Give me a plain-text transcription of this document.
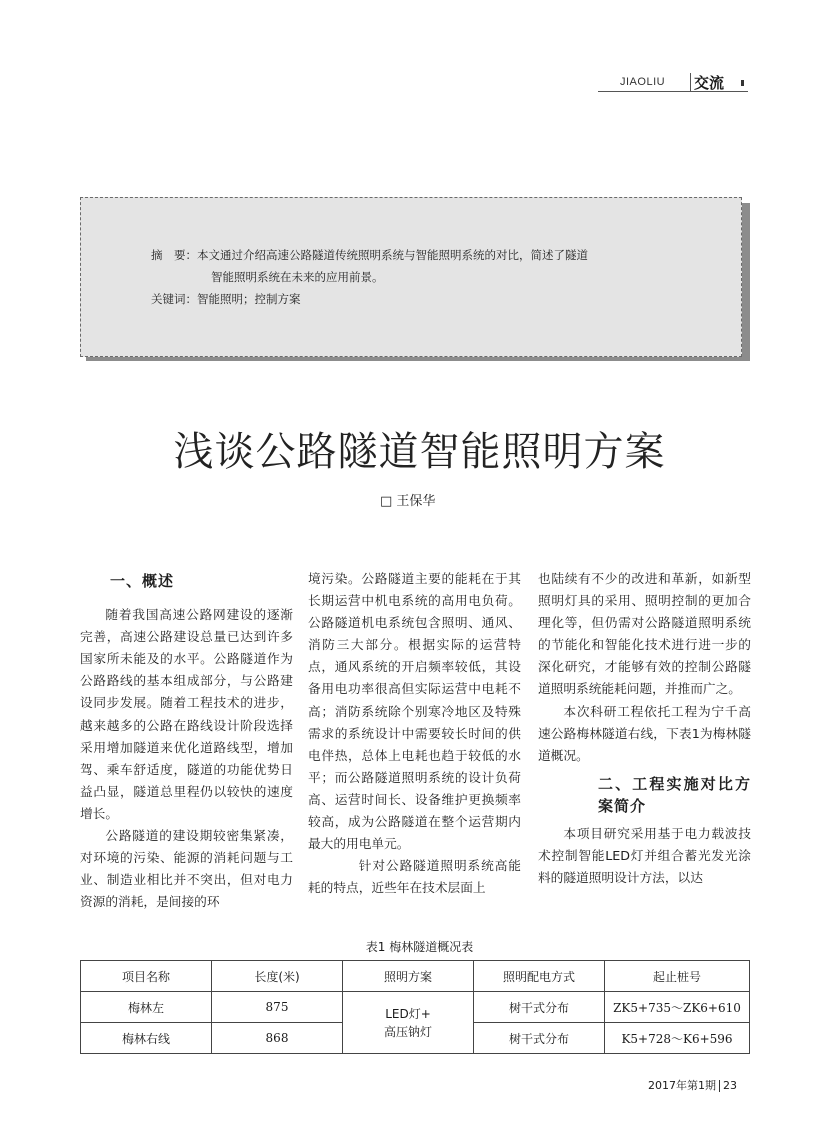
JIAOLIU 交流
摘　要：本文通过介绍高速公路隧道传统照明系统与智能照明系统的对比，简述了隧道
智能照明系统在未来的应用前景。
关键词：智能照明；控制方案
浅谈公路隧道智能照明方案
□ 王保华

一、概述

随着我国高速公路网建设的逐渐完善，高速公路建设总量已达到许多国家所未能及的水平。公路隧道作为公路路线的基本组成部分，与公路建设同步发展。随着工程技术的进步，越来越多的公路在路线设计阶段选择采用增加隧道来优化道路线型，增加驾、乘车舒适度，隧道的功能优势日益凸显，隧道总里程仍以较快的速度增长。

公路隧道的建设期较密集紧凑，对环境的污染、能源的消耗问题与工业、制造业相比并不突出，但对电力资源的消耗，是间接的环

境污染。公路隧道主要的能耗在于其长期运营中机电系统的高用电负荷。公路隧道机电系统包含照明、通风、消防三大部分。根据实际的运营特点，通风系统的开启频率较低，其设备用电功率很高但实际运营中电耗不高；消防系统除个别寒冷地区及特殊需求的系统设计中需要较长时间的供电伴热，总体上电耗也趋于较低的水平；而公路隧道照明系统的设计负荷高、运营时间长、设备维护更换频率较高，成为公路隧道在整个运营期内最大的用电单元。

针对公路隧道照明系统高能耗的特点，近些年在技术层面上

也陆续有不少的改进和革新，如新型照明灯具的采用、照明控制的更加合理化等，但仍需对公路隧道照明系统的节能化和智能化技术进行进一步的深化研究，才能够有效的控制公路隧道照明系统能耗问题，并推而广之。

本次科研工程依托工程为宁千高速公路梅林隧道右线，下表1为梅林隧道概况。

二、工程实施对比方案简介

本项目研究采用基于电力载波技术控制智能LED灯并组合蓄光发光涂料的隧道照明设计方法，以达

表1 梅林隧道概况表
项目名称	长度(米)	照明方案	照明配电方式	起止桩号
梅林左	875	LED灯+
高压钠灯	树干式分布	ZK5+735～ZK6+610
梅林右线	868		树干式分布	K5+728～K6+596
2017年第1期 23
